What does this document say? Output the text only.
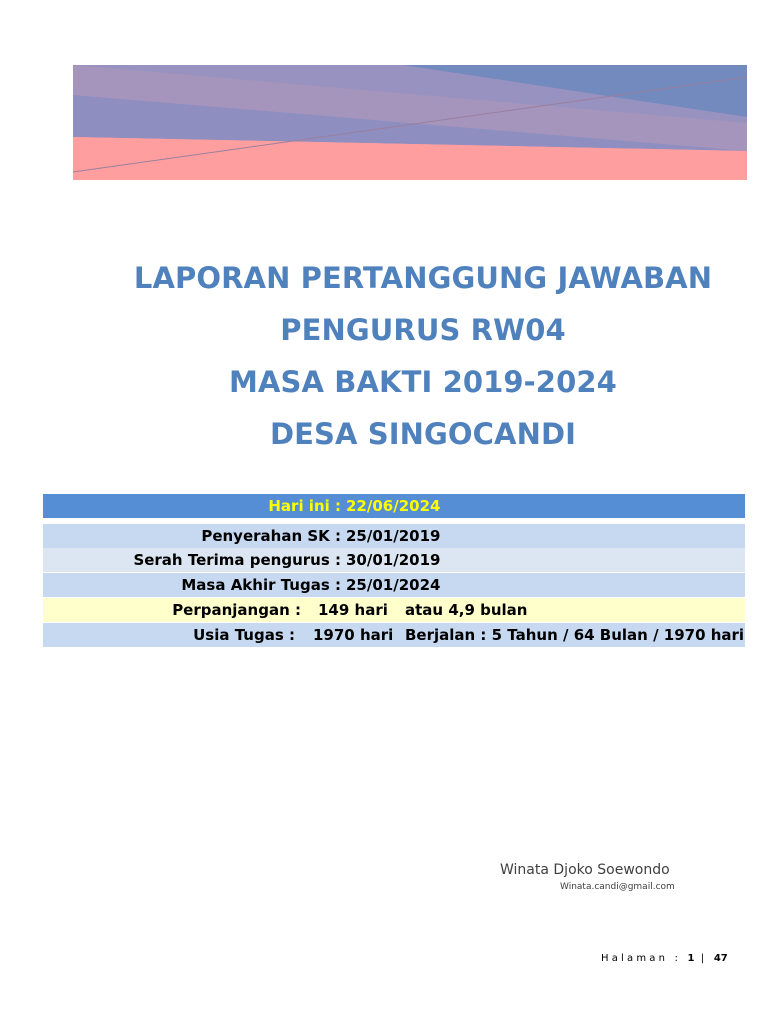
LAPORAN PERTANGGUNG JAWABAN
PENGURUS RW04
MASA BAKTI 2019-2024
DESA SINGOCANDI
Hari ini : 22/06/2024
Penyerahan SK : 25/01/2019
Serah Terima pengurus : 30/01/2019
Masa Akhir Tugas : 25/01/2024
Perpanjangan : 149 hari atau 4,9 bulan
Usia Tugas : 1970 hari Berjalan : 5 Tahun / 64 Bulan / 1970 hari
Winata Djoko Soewondo
Winata.candi@gmail.com
Halaman : 1 | 47
